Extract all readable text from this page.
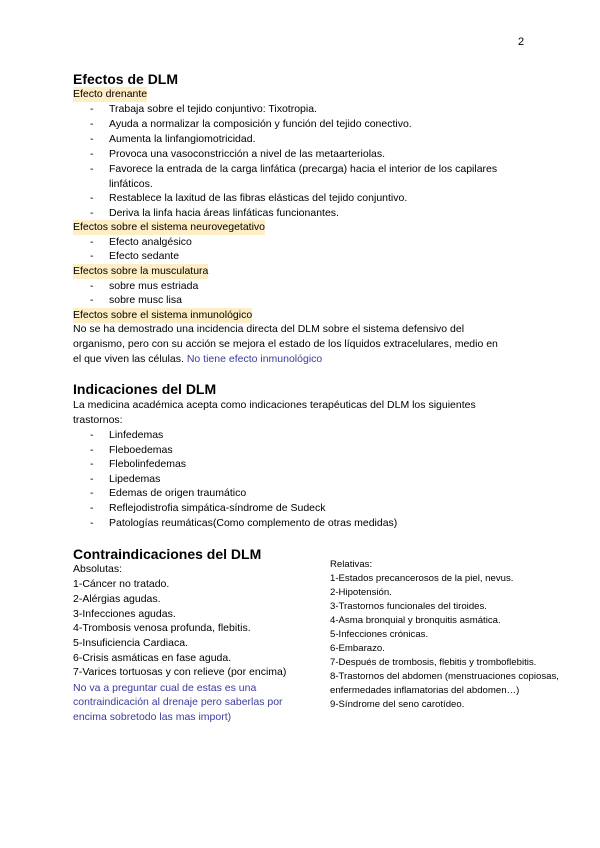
2
Efectos de DLM
Efecto drenante
- Trabaja sobre el tejido conjuntivo: Tixotropia.
- Ayuda a normalizar la composición y función del tejido conectivo.
- Aumenta la linfangiomotricidad.
- Provoca una vasoconstricción a nivel de las metaarteriolas.
- Favorece la entrada de la carga linfática (precarga) hacia el interior de los capilares
linfáticos.
- Restablece la laxitud de las fibras elásticas del tejido conjuntivo.
- Deriva la linfa hacia áreas linfáticas funcionantes.
Efectos sobre el sistema neurovegetativo
- Efecto analgésico
- Efecto sedante
Efectos sobre la musculatura
- sobre mus estriada
- sobre musc lisa
Efectos sobre el sistema inmunológico
No se ha demostrado una incidencia directa del DLM sobre el sistema defensivo del
organismo, pero con su acción se mejora el estado de los líquidos extracelulares, medio en
el que viven las células. No tiene efecto inmunológico
Indicaciones del DLM
La medicina académica acepta como indicaciones terapéuticas del DLM los siguientes
trastornos:
- Linfedemas
- Fleboedemas
- Flebolinfedemas
- Lipedemas
- Edemas de origen traumático
- Reflejodistrofia simpática-síndrome de Sudeck
- Patologías reumáticas(Como complemento de otras medidas)
Contraindicaciones del DLM
Absolutas:
1-Cáncer no tratado.
2-Alérgias agudas.
3-Infecciones agudas.
4-Trombosis venosa profunda, flebitis.
5-Insuficiencia Cardiaca.
6-Crisis asmáticas en fase aguda.
7-Varices tortuosas y con relieve (por encima)
No va a preguntar cual de estas es una
contraindicación al drenaje pero saberlas por
encima sobretodo las mas import)
Relativas:
1-Estados precancerosos de la piel, nevus.
2-Hipotensión.
3-Trastornos funcionales del tiroides.
4-Asma bronquial y bronquitis asmática.
5-Infecciones crónicas.
6-Embarazo.
7-Después de trombosis, flebitis y tromboflebitis.
8-Trastornos del abdomen (menstruaciones copiosas,
enfermedades inflamatorias del abdomen…)
9-Síndrome del seno carotídeo.
